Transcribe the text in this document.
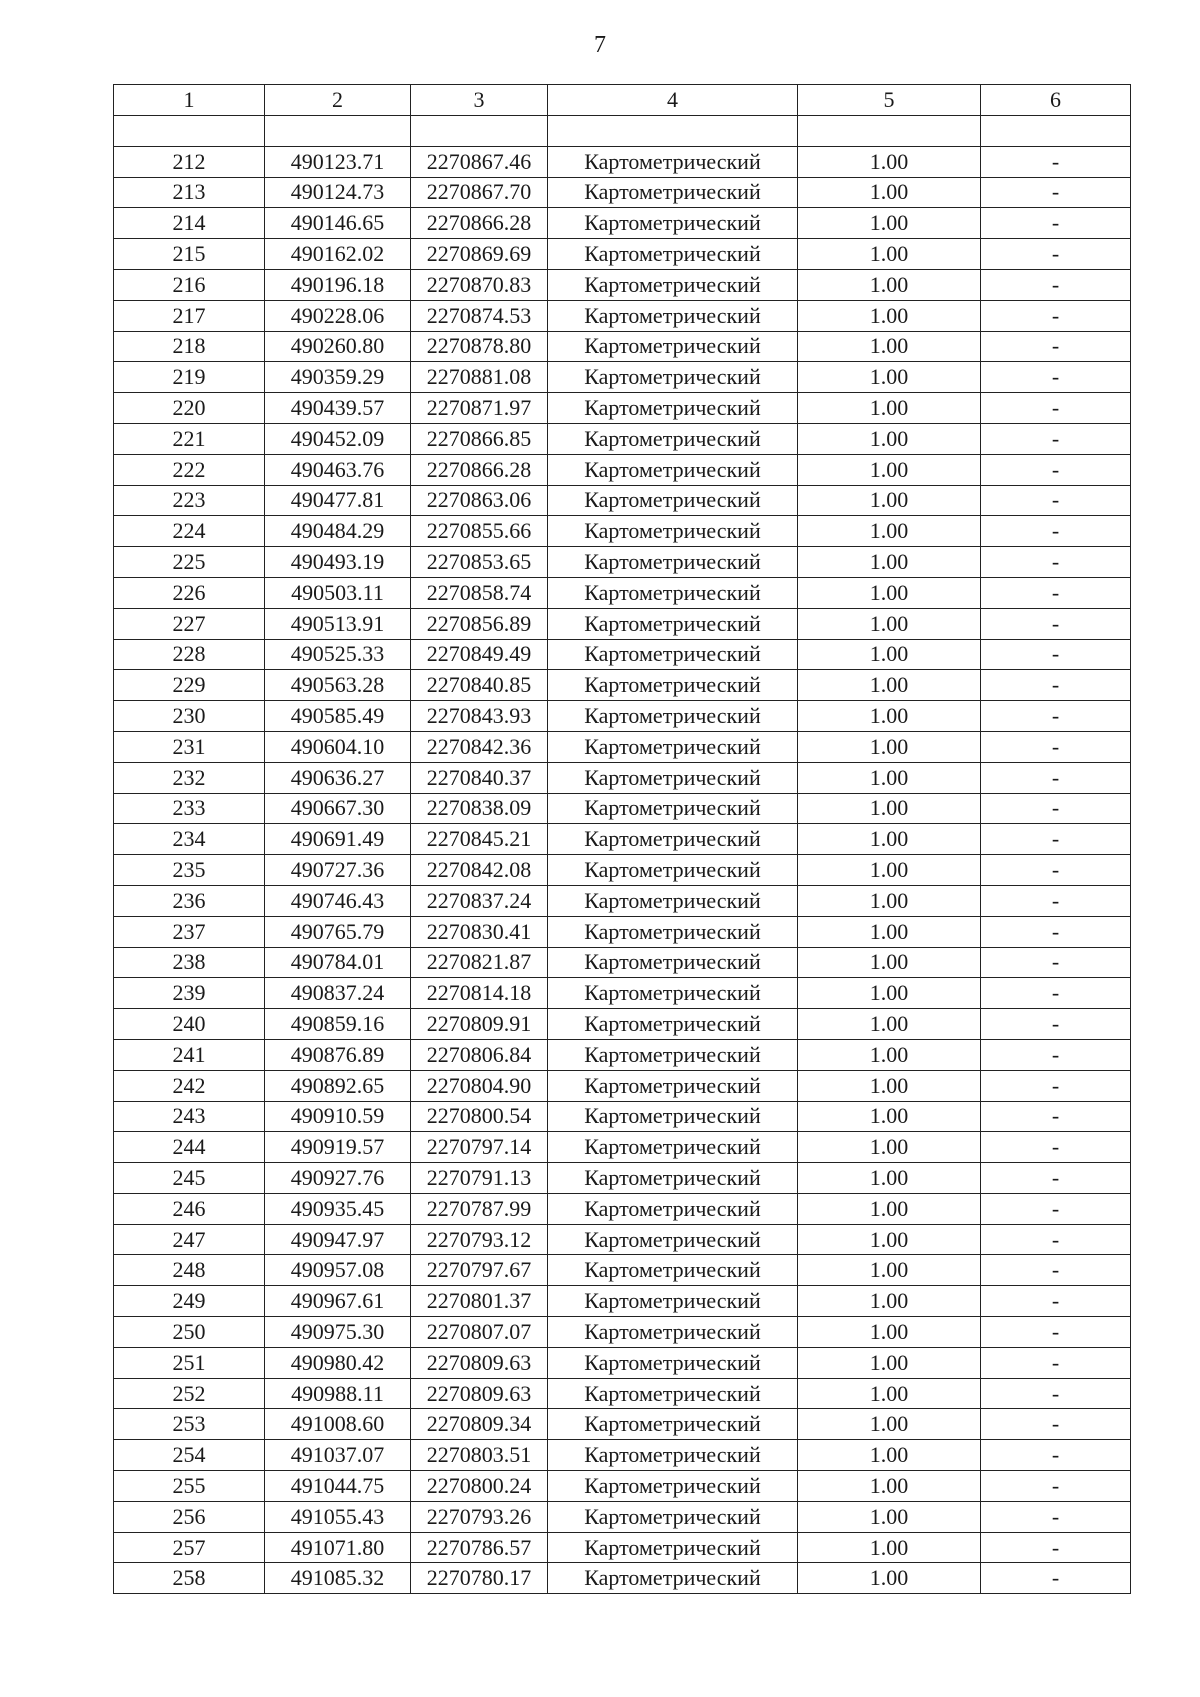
7
1	2	3	4	5	6

212	490123.71	2270867.46	Картометрический	1.00	-
213	490124.73	2270867.70	Картометрический	1.00	-
214	490146.65	2270866.28	Картометрический	1.00	-
215	490162.02	2270869.69	Картометрический	1.00	-
216	490196.18	2270870.83	Картометрический	1.00	-
217	490228.06	2270874.53	Картометрический	1.00	-
218	490260.80	2270878.80	Картометрический	1.00	-
219	490359.29	2270881.08	Картометрический	1.00	-
220	490439.57	2270871.97	Картометрический	1.00	-
221	490452.09	2270866.85	Картометрический	1.00	-
222	490463.76	2270866.28	Картометрический	1.00	-
223	490477.81	2270863.06	Картометрический	1.00	-
224	490484.29	2270855.66	Картометрический	1.00	-
225	490493.19	2270853.65	Картометрический	1.00	-
226	490503.11	2270858.74	Картометрический	1.00	-
227	490513.91	2270856.89	Картометрический	1.00	-
228	490525.33	2270849.49	Картометрический	1.00	-
229	490563.28	2270840.85	Картометрический	1.00	-
230	490585.49	2270843.93	Картометрический	1.00	-
231	490604.10	2270842.36	Картометрический	1.00	-
232	490636.27	2270840.37	Картометрический	1.00	-
233	490667.30	2270838.09	Картометрический	1.00	-
234	490691.49	2270845.21	Картометрический	1.00	-
235	490727.36	2270842.08	Картометрический	1.00	-
236	490746.43	2270837.24	Картометрический	1.00	-
237	490765.79	2270830.41	Картометрический	1.00	-
238	490784.01	2270821.87	Картометрический	1.00	-
239	490837.24	2270814.18	Картометрический	1.00	-
240	490859.16	2270809.91	Картометрический	1.00	-
241	490876.89	2270806.84	Картометрический	1.00	-
242	490892.65	2270804.90	Картометрический	1.00	-
243	490910.59	2270800.54	Картометрический	1.00	-
244	490919.57	2270797.14	Картометрический	1.00	-
245	490927.76	2270791.13	Картометрический	1.00	-
246	490935.45	2270787.99	Картометрический	1.00	-
247	490947.97	2270793.12	Картометрический	1.00	-
248	490957.08	2270797.67	Картометрический	1.00	-
249	490967.61	2270801.37	Картометрический	1.00	-
250	490975.30	2270807.07	Картометрический	1.00	-
251	490980.42	2270809.63	Картометрический	1.00	-
252	490988.11	2270809.63	Картометрический	1.00	-
253	491008.60	2270809.34	Картометрический	1.00	-
254	491037.07	2270803.51	Картометрический	1.00	-
255	491044.75	2270800.24	Картометрический	1.00	-
256	491055.43	2270793.26	Картометрический	1.00	-
257	491071.80	2270786.57	Картометрический	1.00	-
258	491085.32	2270780.17	Картометрический	1.00	-
